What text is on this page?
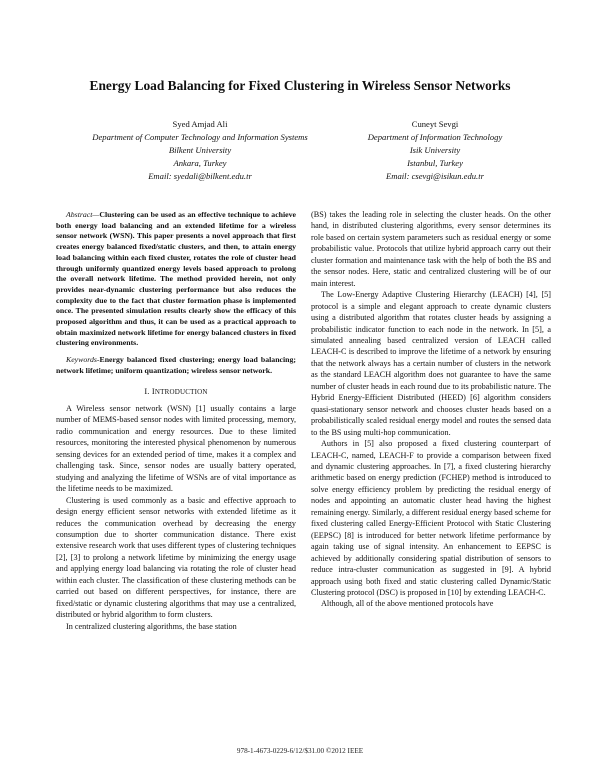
Energy Load Balancing for Fixed Clustering in Wireless Sensor Networks
Syed Amjad Ali
Department of Computer Technology and Information Systems
Bilkent University
Ankara, Turkey
Email: syedali@bilkent.edu.tr
Cuneyt Sevgi
Department of Information Technology
Isik University
Istanbul, Turkey
Email: csevgi@isikun.edu.tr

Abstract—Clustering can be used as an effective technique to achieve both energy load balancing and an extended lifetime for a wireless sensor network (WSN). This paper presents a novel approach that first creates energy balanced fixed/static clusters, and then, to attain energy load balancing within each fixed cluster, rotates the role of cluster head through uniformly quantized energy levels based approach to prolong the overall network lifetime. The method provided herein, not only provides near-dynamic clustering performance but also reduces the complexity due to the fact that cluster formation phase is implemented once. The presented simulation results clearly show the efficacy of this proposed algorithm and thus, it can be used as a practical approach to obtain maximized network lifetime for energy balanced clusters in fixed clustering environments.

Keywords-Energy balanced fixed clustering; energy load balancing; network lifetime; uniform quantization; wireless sensor network.

I. INTRODUCTION

A Wireless sensor network (WSN) [1] usually contains a large number of MEMS-based sensor nodes with limited processing, memory, radio communication and energy resources. Due to these limited resources, monitoring the interested physical phenomenon by numerous sensing devices for an extended period of time, makes it a complex and challenging task. Since, sensor nodes are usually battery operated, studying and analyzing the lifetime of WSNs are of vital importance as the lifetime needs to be maximized.

Clustering is used commonly as a basic and effective approach to design energy efficient sensor networks with extended lifetime as it reduces the communication overhead by decreasing the energy consumption due to shorter communication distance. There exist extensive research work that uses different types of clustering techniques [2], [3] to prolong a network lifetime by minimizing the energy usage and applying energy load balancing via rotating the role of cluster head within each cluster. The classification of these clustering methods can be carried out based on different perspectives, for instance, there are fixed/static or dynamic clustering algorithms that may use a centralized, distributed or hybrid algorithm to form clusters.

In centralized clustering algorithms, the base station

(BS) takes the leading role in selecting the cluster heads. On the other hand, in distributed clustering algorithms, every sensor determines its role based on certain system parameters such as residual energy or some probabilistic value. Protocols that utilize hybrid approach carry out their cluster formation and maintenance task with the help of both the BS and the sensor nodes. Here, static and centralized clustering will be of our main interest.

The Low-Energy Adaptive Clustering Hierarchy (LEACH) [4], [5] protocol is a simple and elegant approach to create dynamic clusters using a distributed algorithm that rotates cluster heads by assigning a probabilistic indicator function to each node in the network. In [5], a simulated annealing based centralized version of LEACH called LEACH-C is described to improve the lifetime of a network by ensuring that the network always has a certain number of clusters in the network as the standard LEACH algorithm does not guarantee to have the same number of cluster heads in each round due to its probabilistic nature. The Hybrid Energy-Efficient Distributed (HEED) [6] algorithm considers quasi-stationary sensor network and chooses cluster heads based on a probabilistically scaled residual energy model and routes the sensed data to the BS using multi-hop communication.

Authors in [5] also proposed a fixed clustering counterpart of LEACH-C, named, LEACH-F to provide a comparison between fixed and dynamic clustering approaches. In [7], a fixed clustering hierarchy arithmetic based on energy prediction (FCHEP) method is introduced to solve energy efficiency problem by predicting the residual energy of nodes and appointing an automatic cluster head having the highest remaining energy. Similarly, a different residual energy based scheme for fixed clustering called Energy-Efficient Protocol with Static Clustering (EEPSC) [8] is introduced for better network lifetime performance by again taking use of signal intensity. An enhancement to EEPSC is achieved by additionally considering spatial distribution of sensors to reduce intra-cluster communication as suggested in [9]. A hybrid approach using both fixed and static clustering called Dynamic/Static Clustering protocol (DSC) is proposed in [10] by extending LEACH-C.

Although, all of the above mentioned protocols have

978-1-4673-0229-6/12/$31.00 ©2012 IEEE
